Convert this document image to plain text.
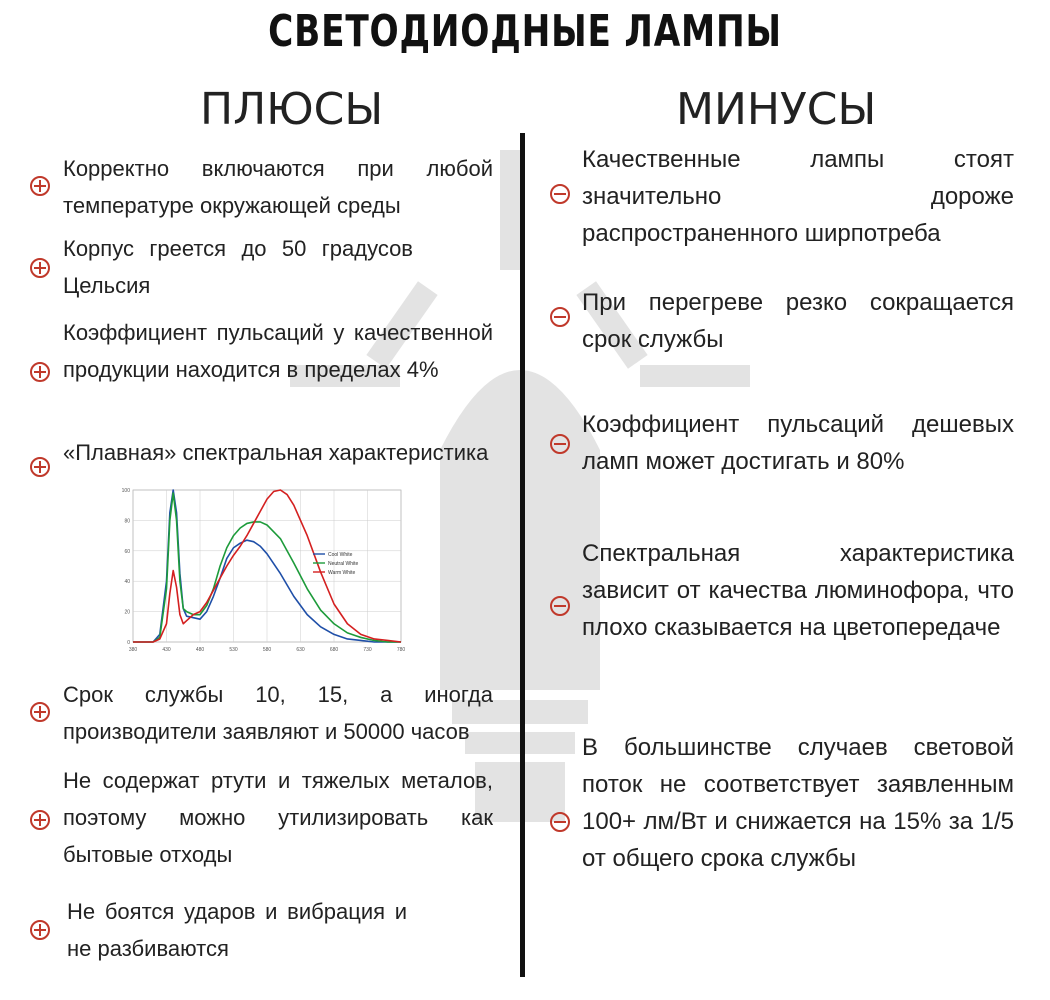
СВЕТОДИОДНЫЕ ЛАМПЫ
ПЛЮСЫ	МИНУСЫ
Корректно включаются при любой температуре окружающей среды
Корпус греется до 50 градусов Цельсия
Коэффициент пульсаций у качественной продукции находится в пределах 4%
«Плавная» спектральная характеристика
0
20
40
60
80
100
380	430	480	530	580	630	680	730	780
Cool White
Neutral White
Warm White
Срок службы 10, 15, а иногда производители заявляют и 50000 часов
Не содержат ртути и тяжелых металов, поэтому можно утилизировать как бытовые отходы
Не боятся ударов и вибрация и не разбиваются
Качественные лампы стоят значительно дороже распространенного ширпотреба
При перегреве резко сокращается срок службы
Коэффициент пульсаций дешевых ламп может достигать и 80%
Спектральная характеристика зависит от качества люминофора, что плохо сказывается на цветопередаче
В большинстве случаев световой поток не соответствует заявленным 100+ лм/Вт и снижается на 15% за 1/5 от общего срока службы
